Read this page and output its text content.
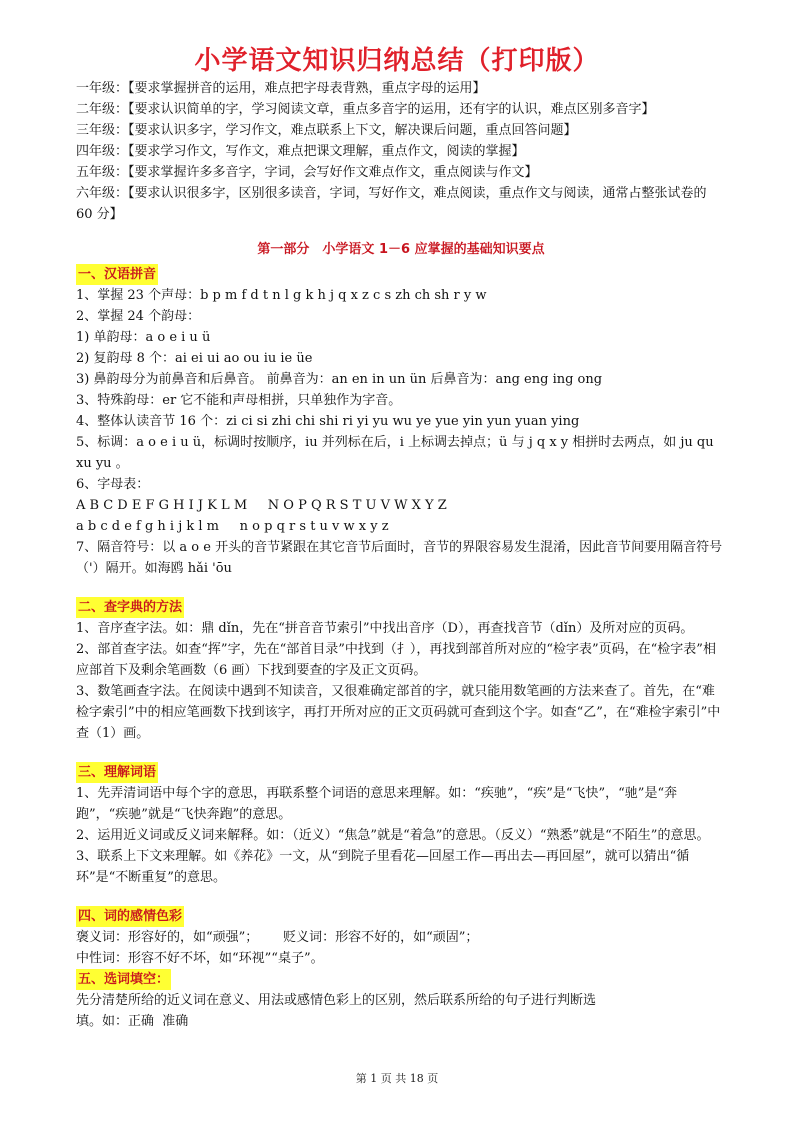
小学语文知识归纳总结（打印版）
一年级：【要求掌握拼音的运用，难点把字母表背熟，重点字母的运用】
二年级：【要求认识简单的字，学习阅读文章，重点多音字的运用，还有字的认识，难点区别多音字】
三年级：【要求认识多字，学习作文，难点联系上下文，解决课后问题，重点回答问题】
四年级：【要求学习作文，写作文，难点把课文理解，重点作文，阅读的掌握】
五年级：【要求掌握许多多音字，字词，会写好作文难点作文，重点阅读与作文】
六年级：【要求认识很多字，区别很多读音，字词，写好作文，难点阅读，重点作文与阅读，通常占整张试卷的 60 分】
第一部分　小学语文 1－6 应掌握的基础知识要点
一、汉语拼音
1、掌握 23 个声母：b p m f d t n l g k h j q x z c s zh ch sh r y w
2、掌握 24 个韵母：
1) 单韵母：a o e i u ü
2) 复韵母 8 个：ai ei ui ao ou iu ie üe
3) 鼻韵母分为前鼻音和后鼻音。 前鼻音为：an en in un ün 后鼻音为：ang eng ing ong
3、特殊韵母：er 它不能和声母相拼，只单独作为字音。
4、整体认读音节 16 个：zi ci si zhi chi shi ri yi yu wu ye yue yin yun yuan ying
5、标调：a o e i u ü，标调时按顺序，iu 并列标在后，i 上标调去掉点；ü 与 j q x y 相拼时去两点，如 ju qu xu yu 。
6、字母表：
A B C D E F G H I J K L M     N O P Q R S T U V W X Y Z
a b c d e f g h i j k l m     n o p q r s t u v w x y z
7、隔音符号：以 a o e 开头的音节紧跟在其它音节后面时，音节的界限容易发生混淆，因此音节间要用隔音符号（'）隔开。如海鸥 hǎi 'ōu
二、查字典的方法
1、音序查字法。如：鼎 dǐn，先在“拼音音节索引”中找出音序（D），再查找音节（dǐn）及所对应的页码。
2、部首查字法。如查“挥”字，先在“部首目录”中找到（扌），再找到部首所对应的“检字表”页码，在“检字表”相应部首下及剩余笔画数（6 画）下找到要查的字及正文页码。
3、数笔画查字法。在阅读中遇到不知读音，又很难确定部首的字，就只能用数笔画的方法来查了。首先，在“难检字索引”中的相应笔画数下找到该字，再打开所对应的正文页码就可查到这个字。如查“乙”，在“难检字索引”中查（1）画。
三、理解词语
1、先弄清词语中每个字的意思，再联系整个词语的意思来理解。如：“疾驰”，“疾”是“飞快”，“驰”是“奔跑”，“疾驰”就是“飞快奔跑”的意思。
2、运用近义词或反义词来解释。如：（近义）“焦急”就是“着急”的意思。（反义）“熟悉”就是“不陌生”的意思。
3、联系上下文来理解。如《养花》一文，从“到院子里看花—回屋工作—再出去—再回屋”，就可以猜出“循环”是“不断重复”的意思。
四、词的感情色彩
褒义词：形容好的，如“顽强”；      贬义词：形容不好的，如“顽固”；
中性词：形容不好不坏，如“环视”“桌子”。
五、选词填空：
先分清楚所给的近义词在意义、用法或感情色彩上的区别，然后联系所给的句子进行判断选
填。如：正确  准确
第 1 页 共 18 页
